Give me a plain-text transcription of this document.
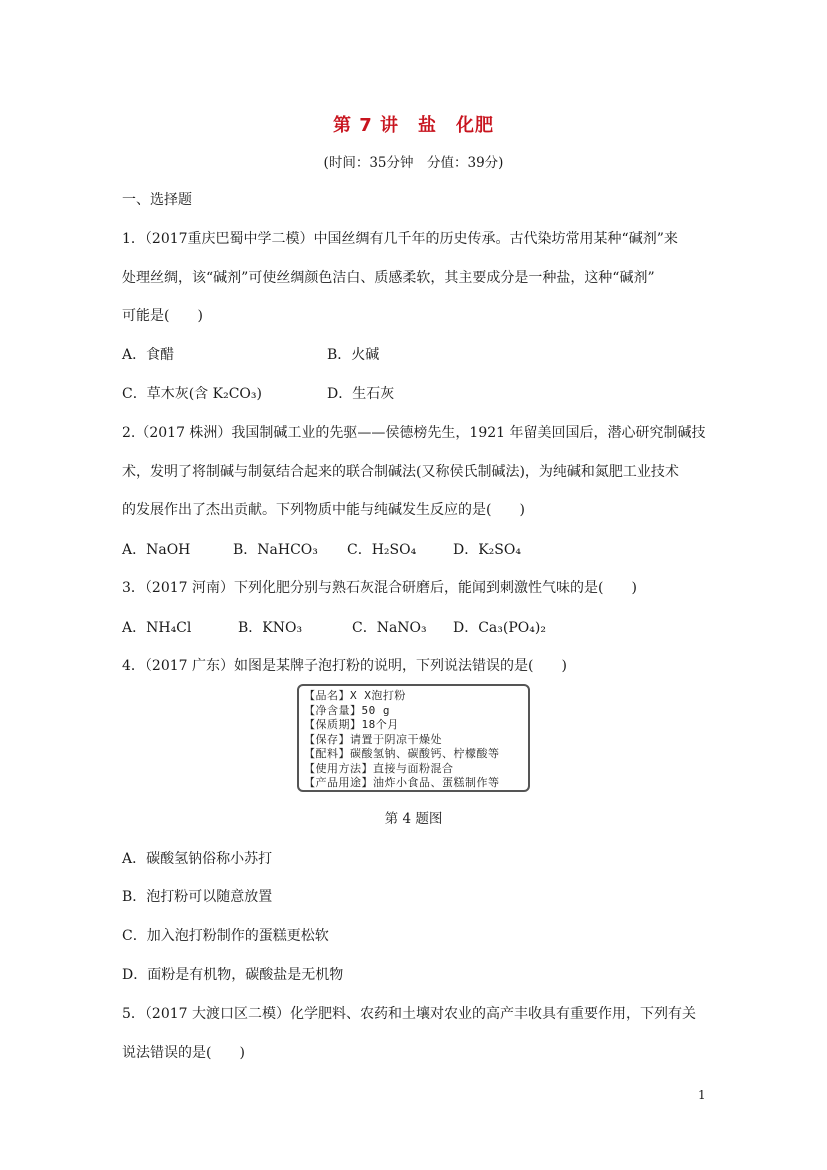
第 7 讲　盐　化肥
(时间：35分钟　分值：39分)
一、选择题
1．（2017重庆巴蜀中学二模）中国丝绸有几千年的历史传承。古代染坊常用某种“碱剂”来
处理丝绸，该“碱剂”可使丝绸颜色洁白、质感柔软，其主要成分是一种盐，这种“碱剂”
可能是(　　)
A．食醋	B．火碱
C．草木灰(含 K₂CO₃)	D．生石灰
2.（2017 株洲）我国制碱工业的先驱——侯德榜先生，1921 年留美回国后，潜心研究制碱技
术，发明了将制碱与制氨结合起来的联合制碱法(又称侯氏制碱法)，为纯碱和氮肥工业技术
的发展作出了杰出贡献。下列物质中能与纯碱发生反应的是(　　)
A．NaOH	B．NaHCO₃ C．H₂SO₄	D．K₂SO₄
3．（2017 河南）下列化肥分别与熟石灰混合研磨后，能闻到刺激性气味的是(　　)
A．NH₄Cl	B．KNO₃	C．NaNO₃ D．Ca₃(PO₄)₂
4．（2017 广东）如图是某牌子泡打粉的说明，下列说法错误的是(　　)
【品名】X X泡打粉
【净含量】50 g
【保质期】18个月
【保存】请置于阴凉干燥处
【配料】碳酸氢钠、碳酸钙、柠檬酸等
【使用方法】直接与面粉混合
【产品用途】油炸小食品、蛋糕制作等
第 4 题图
A．碳酸氢钠俗称小苏打
B．泡打粉可以随意放置
C．加入泡打粉制作的蛋糕更松软
D．面粉是有机物，碳酸盐是无机物
5．（2017 大渡口区二模）化学肥料、农药和土壤对农业的高产丰收具有重要作用，下列有关
说法错误的是(　　)
1
